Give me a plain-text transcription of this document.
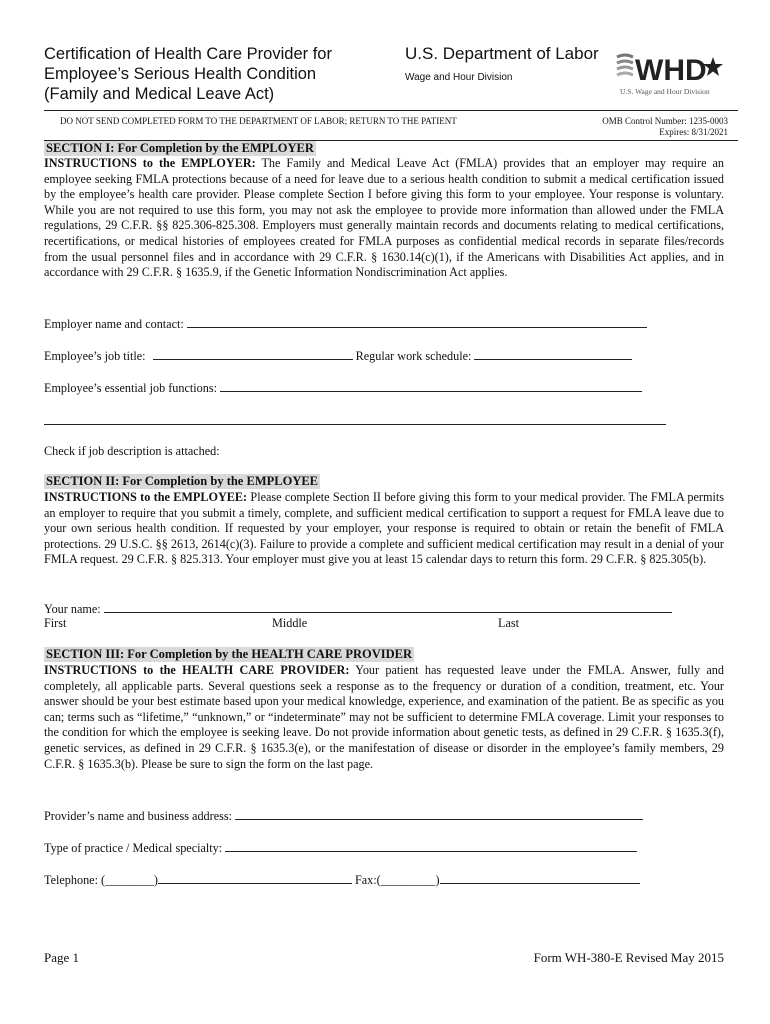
Certification of Health Care Provider for
Employee’s Serious Health Condition
(Family and Medical Leave Act)
U.S. Department of Labor
Wage and Hour Division	WHD
U.S. Wage and Hour Division
DO NOT SEND COMPLETED FORM TO THE DEPARTMENT OF LABOR; RETURN TO THE PATIENT	OMB Control Number: 1235-0003
Expires: 8/31/2021
SECTION I: For Completion by the EMPLOYER
INSTRUCTIONS to the EMPLOYER: The Family and Medical Leave Act (FMLA) provides that an employer may require an employee seeking FMLA protections because of a need for leave due to a serious health condition to submit a medical certification issued by the employee’s health care provider. Please complete Section I before giving this form to your employee. Your response is voluntary. While you are not required to use this form, you may not ask the employee to provide more information than allowed under the FMLA regulations, 29 C.F.R. §§ 825.306-825.308. Employers must generally maintain records and documents relating to medical certifications, recertifications, or medical histories of employees created for FMLA purposes as confidential medical records in separate files/records from the usual personnel files and in accordance with 29 C.F.R. § 1630.14(c)(1), if the Americans with Disabilities Act applies, and in accordance with 29 C.F.R. § 1635.9, if the Genetic Information Nondiscrimination Act applies.
Employer name and contact:
Employee’s job title:	Regular work schedule:
Employee’s essential job functions:
Check if job description is attached:
SECTION II: For Completion by the EMPLOYEE
INSTRUCTIONS to the EMPLOYEE: Please complete Section II before giving this form to your medical provider. The FMLA permits an employer to require that you submit a timely, complete, and sufficient medical certification to support a request for FMLA leave due to your own serious health condition. If requested by your employer, your response is required to obtain or retain the benefit of FMLA protections. 29 U.S.C. §§ 2613, 2614(c)(3). Failure to provide a complete and sufficient medical certification may result in a denial of your FMLA request. 29 C.F.R. § 825.313. Your employer must give you at least 15 calendar days to return this form. 29 C.F.R. § 825.305(b).
Your name:
First	Middle	Last
SECTION III: For Completion by the HEALTH CARE PROVIDER
INSTRUCTIONS to the HEALTH CARE PROVIDER: Your patient has requested leave under the FMLA. Answer, fully and completely, all applicable parts. Several questions seek a response as to the frequency or duration of a condition, treatment, etc. Your answer should be your best estimate based upon your medical knowledge, experience, and examination of the patient. Be as specific as you can; terms such as “lifetime,” “unknown,” or “indeterminate” may not be sufficient to determine FMLA coverage. Limit your responses to the condition for which the employee is seeking leave. Do not provide information about genetic tests, as defined in 29 C.F.R. § 1635.3(f), genetic services, as defined in 29 C.F.R. § 1635.3(e), or the manifestation of disease or disorder in the employee’s family members, 29 C.F.R. § 1635.3(b). Please be sure to sign the form on the last page.
Provider’s name and business address:
Type of practice / Medical specialty:
Telephone: (________)	Fax:(_________)
Page 1	Form WH-380-E Revised May 2015
